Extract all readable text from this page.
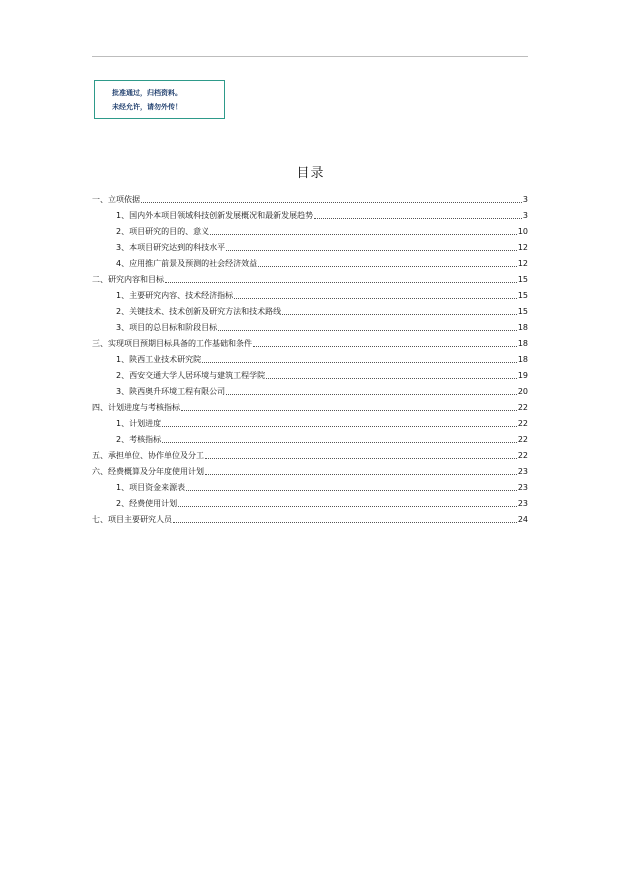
批准通过，归档资料。
未经允许，请勿外传！
目录
一、立项依据	3
1、国内外本项目领域科技创新发展概况和最新发展趋势	3
2、项目研究的目的、意义	10
3、本项目研究达到的科技水平	12
4、应用推广前景及预测的社会经济效益	12
二、研究内容和目标	15
1、主要研究内容、技术经济指标	15
2、关键技术、技术创新及研究方法和技术路线	15
3、项目的总目标和阶段目标	18
三、实现项目预期目标具备的工作基础和条件	18
1、陕西工业技术研究院	18
2、西安交通大学人居环境与建筑工程学院	19
3、陕西奥升环境工程有限公司	20
四、计划进度与考核指标	22
1、计划进度	22
2、考核指标	22
五、承担单位、协作单位及分工	22
六、经费概算及分年度使用计划	23
1、项目资金来源表	23
2、经费使用计划	23
七、项目主要研究人员	24
